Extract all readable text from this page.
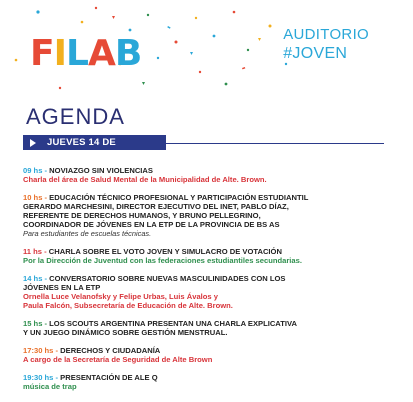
FILAB	AUDITORIO
#JOVEN
AGENDA
JUEVES 14 DE OCTUBRE
09 hs - NOVIAZGO SIN VIOLENCIAS
Charla del área de Salud Mental de la Municipalidad de Alte. Brown.
10 hs - EDUCACIÓN TÉCNICO PROFESIONAL Y PARTICIPACIÓN ESTUDIANTIL
GERARDO MARCHESINI, DIRECTOR EJECUTIVO DEL INET, PABLO DÍAZ,
REFERENTE DE DERECHOS HUMANOS, Y BRUNO PELLEGRINO,
COORDINADOR DE JÓVENES EN LA ETP DE LA PROVINCIA DE BS AS
Para estudiantes de escuelas técnicas.
11 hs - CHARLA SOBRE EL VOTO JOVEN Y SIMULACRO DE VOTACIÓN
Por la Dirección de Juventud con las federaciones estudiantiles secundarias.
14 hs - CONVERSATORIO SOBRE NUEVAS MASCULINIDADES CON LOS
JÓVENES EN LA ETP
Ornella Luce Velanofsky y Felipe Urbas, Luis Ávalos y
Paula Falcón, Subsecretaría de Educación de Alte. Brown.
15 hs - LOS SCOUTS ARGENTINA PRESENTAN UNA CHARLA EXPLICATIVA
Y UN JUEGO DINÁMICO SOBRE GESTIÓN MENSTRUAL.
17:30 hs - DERECHOS Y CIUDADANÍA
A cargo de la Secretaría de Seguridad de Alte Brown
19:30 hs - PRESENTACIÓN DE ALE Q
música de trap
